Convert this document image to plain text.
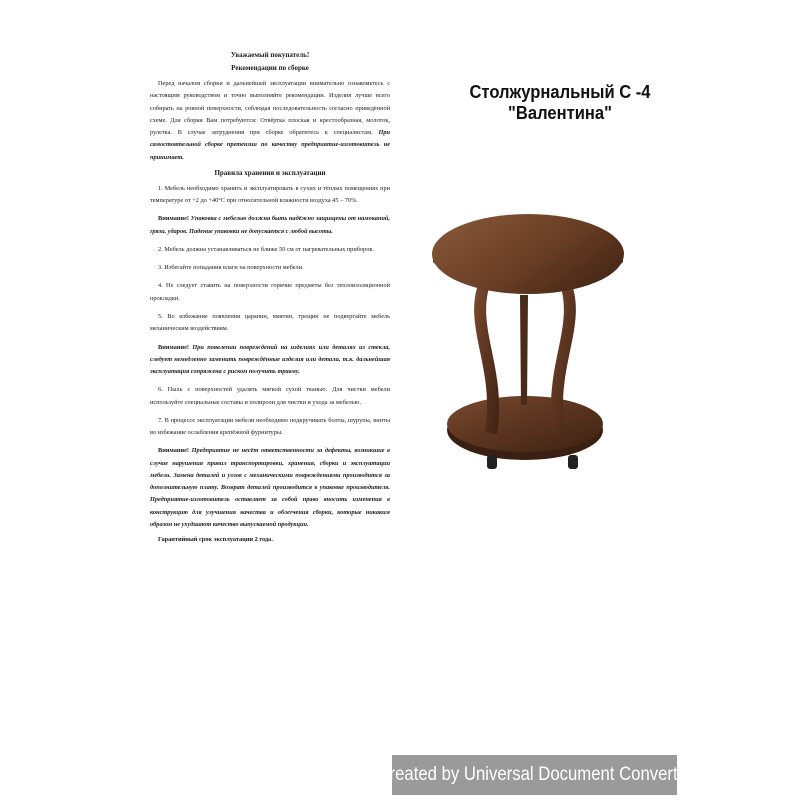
Уважаемый покупатель!

Рекомендации по сборке

Перед началом сборки и дальнейшей эксплуатации внимательно ознакомьтесь с настоящим руководством и точно выполняйте рекомендации. Изделия лучше всего собирать на ровной поверхности, соблюдая последовательность согласно приведённой схеме. Для сборки Вам потребуются: Отвёртка плоская и крестообразная, молоток, рулетка. В случае затруднения при сборке обратитесь к специалистам. При самостоятельной сборке претензии по качеству предприятие-изготовитель не принимает.

Правила хранения и эксплуатации

1. Мебель необходимо хранить и эксплуатировать в сухих и тёплых помещениях при температуре от +2 до +40°С при относительной влажности воздуха 45 – 70%.

Внимание! Упаковка с мебелью должна быть надёжно защищены от намоканий, грязи, ударов. Падение упаковки не допускается с любой высоты.

2. Мебель должна устанавливаться не ближе 50 см от нагревательных приборов.

3. Избегайте попадания влаги на поверхности мебели.

4. Не следует ставить на поверхности горячие предметы без теплоизоляционной прокладки.

5. Во избежание появления царапин, вмятин, трещин не подвергайте мебель механическим воздействиям.

Внимание! При появлении повреждений на изделиях или деталях из стекла, следует немедленно заменить повреждённые изделия или детали, т.к. дальнейшая эксплуатация сопряжена с риском получить травму.

6. Пыль с поверхностей удалять мягкой сухой тканью. Для чистки мебели используйте специальные составы и полироли для чистки и ухода за мебелью.

7. В процессе эксплуатации мебели необходимо подкручивать болты, шурупы, винты во избежание ослабления крепёжной фурнитуры.

Внимание! Предприятие не несёт ответственности за дефекты, возникшие в случае нарушения правил транспортировки, хранения, сборки и эксплуатации мебели. Замена деталей и узлов с механическими повреждениями производится за дополнительную плату. Возврат деталей производится в упаковке производителя. Предприятие-изготовитель оставляет за собой право вносить изменения в конструкцию для улучшения качества и облегчения сборки, которые никаким образом не ухудшают качество выпускаемой продукции.

Гарантийный срок эксплуатации 2 года.

Столжурнальный С -4
"Валентина"
Created by Universal Document Converter
